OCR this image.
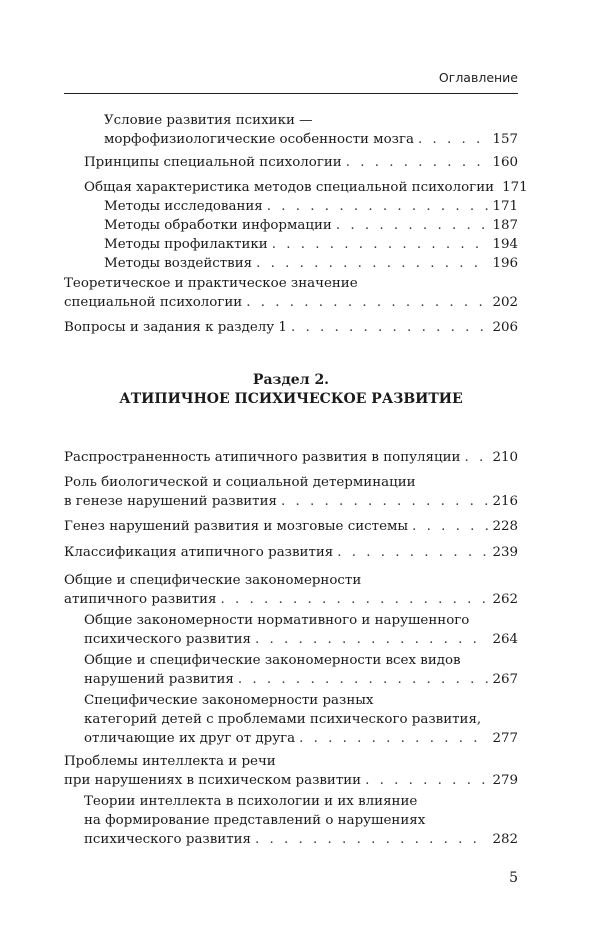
Оглавление
Условие развития психики —
морфофизиологические особенности мозга . . .	157
Принципы специальной психологии . . .	160
Общая характеристика методов специальной психологии 171
Методы исследования . . .	171
Методы обработки информации . . .	187
Методы профилактики . . .	194
Методы воздействия . . .	196
Теоретическое и практическое значение
специальной психологии . . .	202
Вопросы и задания к разделу 1 . . .	206
Раздел 2.
АТИПИЧНОЕ ПСИХИЧЕСКОЕ РАЗВИТИЕ
Распространенность атипичного развития в популяции . . . 210
Роль биологической и социальной детерминации
в генезе нарушений развития . . .	216
Генез нарушений развития и мозговые системы . . .	228
Классификация атипичного развития . . .	239
Общие и специфические закономерности
атипичного развития . . .	262
Общие закономерности нормативного и нарушенного
психического развития . . .	264
Общие и специфические закономерности всех видов
нарушений развития . . .	267
Специфические закономерности разных
категорий детей с проблемами психического развития,
отличающие их друг от друга . . .	277
Проблемы интеллекта и речи
при нарушениях в психическом развитии . . .	279
Теории интеллекта в психологии и их влияние
на формирование представлений о нарушениях
психического развития . . .	282
5
